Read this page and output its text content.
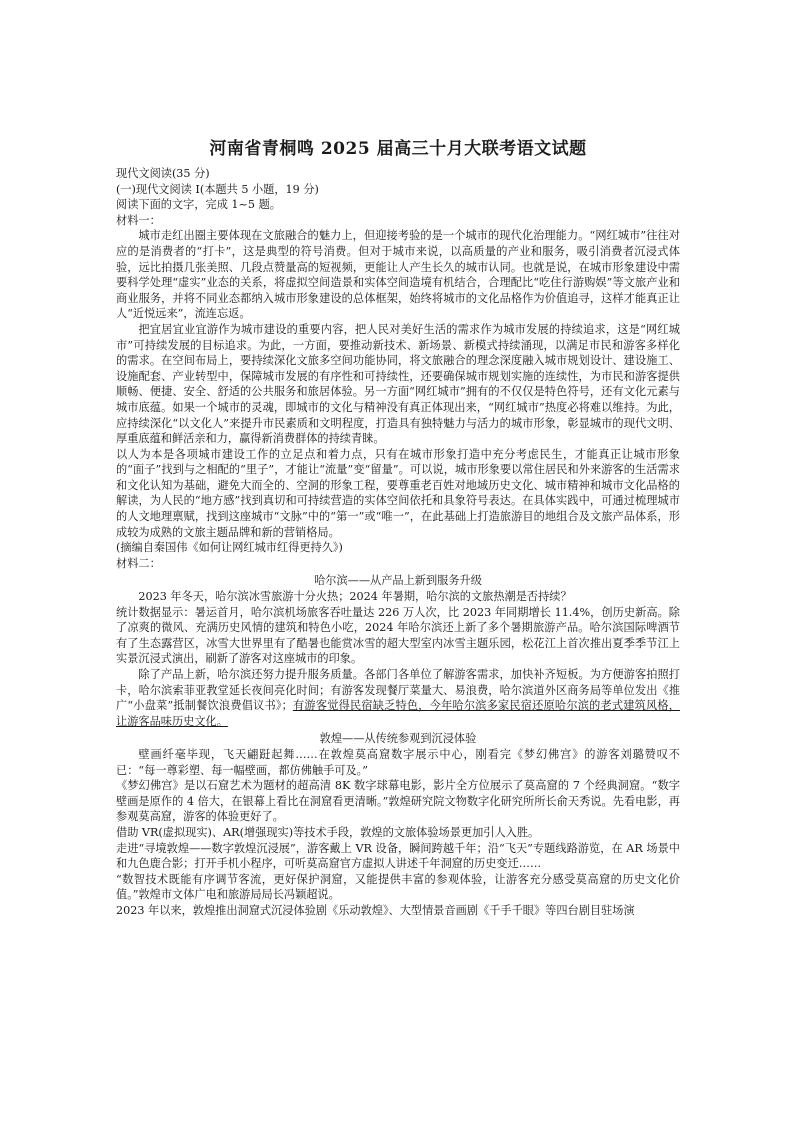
河南省青桐鸣 2025 届高三十月大联考语文试题

现代文阅读(35 分)

(一)现代文阅读 Ⅰ(本题共 5 小题，19 分)

阅读下面的文字，完成 1~5 题。

材料一：

城市走红出圈主要体现在文旅融合的魅力上，但迎接考验的是一个城市的现代化治理能力。“网红城市”往往对应的是消费者的“打卡”，这是典型的符号消费。但对于城市来说，以高质量的产业和服务，吸引消费者沉浸式体验，远比拍摄几张美照、几段点赞量高的短视频，更能让人产生长久的城市认同。也就是说，在城市形象建设中需要科学处理“虚实”业态的关系，将虚拟空间造景和实体空间造境有机结合，合理配比“吃住行游购娱”等文旅产业和商业服务，并将不同业态都纳入城市形象建设的总体框架，始终将城市的文化品格作为价值追寻，这样才能真正让人“近悦远来”，流连忘返。

把宜居宜业宜游作为城市建设的重要内容，把人民对美好生活的需求作为城市发展的持续追求，这是“网红城市”可持续发展的目标追求。为此，一方面，要推动新技术、新场景、新模式持续涌现，以满足市民和游客多样化的需求。在空间布局上，要持续深化文旅多空间功能协同，将文旅融合的理念深度融入城市规划设计、建设施工、设施配套、产业转型中，保障城市发展的有序性和可持续性，还要确保城市规划实施的连续性，为市民和游客提供顺畅、便捷、安全、舒适的公共服务和旅居体验。另一方面“网红城市”拥有的不仅仅是特色符号，还有文化元素与城市底蕴。如果一个城市的灵魂，即城市的文化与精神没有真正体现出来，“网红城市”热度必将难以维持。为此，应持续深化“以文化人”来提升市民素质和文明程度，打造具有独特魅力与活力的城市形象，彰显城市的现代文明、厚重底蕴和鲜活亲和力，赢得新消费群体的持续青睐。

以人为本是各项城市建设工作的立足点和着力点，只有在城市形象打造中充分考虑民生，才能真正让城市形象的“面子”找到与之相配的“里子”，才能让“流量”变“留量”。可以说，城市形象要以常住居民和外来游客的生活需求和文化认知为基础，避免大而全的、空洞的形象工程，要尊重老百姓对地域历史文化、城市精神和城市文化品格的解读，为人民的“地方感”找到真切和可持续营造的实体空间依托和具象符号表达。在具体实践中，可通过梳理城市的人文地理禀赋，找到这座城市“文脉”中的“第一”或“唯一”，在此基础上打造旅游目的地组合及文旅产品体系，形成较为成熟的文旅主题品牌和新的营销格局。

(摘编自秦国伟《如何让网红城市红得更持久》)

材料二：

哈尔滨——从产品上新到服务升级

2023 年冬天，哈尔滨冰雪旅游十分火热；2024 年暑期，哈尔滨的文旅热潮是否持续？

统计数据显示：暑运首月，哈尔滨机场旅客吞吐量达 226 万人次，比 2023 年同期增长 11.4%，创历史新高。除了凉爽的微风、充满历史风情的建筑和特色小吃，2024 年哈尔滨还上新了多个暑期旅游产品。哈尔滨国际啤酒节有了生态露营区，冰雪大世界里有了酷暑也能赏冰雪的超大型室内冰雪主题乐园，松花江上首次推出夏季季节江上实景沉浸式演出，刷新了游客对这座城市的印象。

除了产品上新，哈尔滨还努力提升服务质量。各部门各单位了解游客需求，加快补齐短板。为方便游客拍照打卡，哈尔滨索菲亚教堂延长夜间亮化时间；有游客发现餐厅菜量大、易浪费，哈尔滨道外区商务局等单位发出《推广“小盘菜”抵制餐饮浪费倡议书》；有游客觉得民宿缺乏特色，今年哈尔滨多家民宿还原哈尔滨的老式建筑风格，让游客品味历史文化。

敦煌——从传统参观到沉浸体验

壁画纤毫毕现，飞天翩跹起舞……在敦煌莫高窟数字展示中心，刚看完《梦幻佛宫》的游客刘璐赞叹不已：“每一尊彩塑、每一幅壁画，都仿佛触手可及。”

《梦幻佛宫》是以石窟艺术为题材的超高清 8K 数字球幕电影，影片全方位展示了莫高窟的 7 个经典洞窟。“数字壁画是原作的 4 倍大，在银幕上看比在洞窟看更清晰。”敦煌研究院文物数字化研究所所长俞天秀说。先看电影，再参观莫高窟，游客的体验更好了。

借助 VR(虚拟现实)、AR(增强现实)等技术手段，敦煌的文旅体验场景更加引人入胜。

走进“寻境敦煌——数字敦煌沉浸展”，游客戴上 VR 设备，瞬间跨越千年；沿“飞天”专题线路游览，在 AR 场景中和九色鹿合影；打开手机小程序，可听莫高窟官方虚拟人讲述千年洞窟的历史变迁……

“数智技术既能有序调节客流，更好保护洞窟，又能提供丰富的参观体验，让游客充分感受莫高窟的历史文化价值。”敦煌市文体广电和旅游局局长冯颖超说。

2023 年以来，敦煌推出洞窟式沉浸体验剧《乐动敦煌》、大型情景音画剧《千手千眼》等四台剧目驻场演
